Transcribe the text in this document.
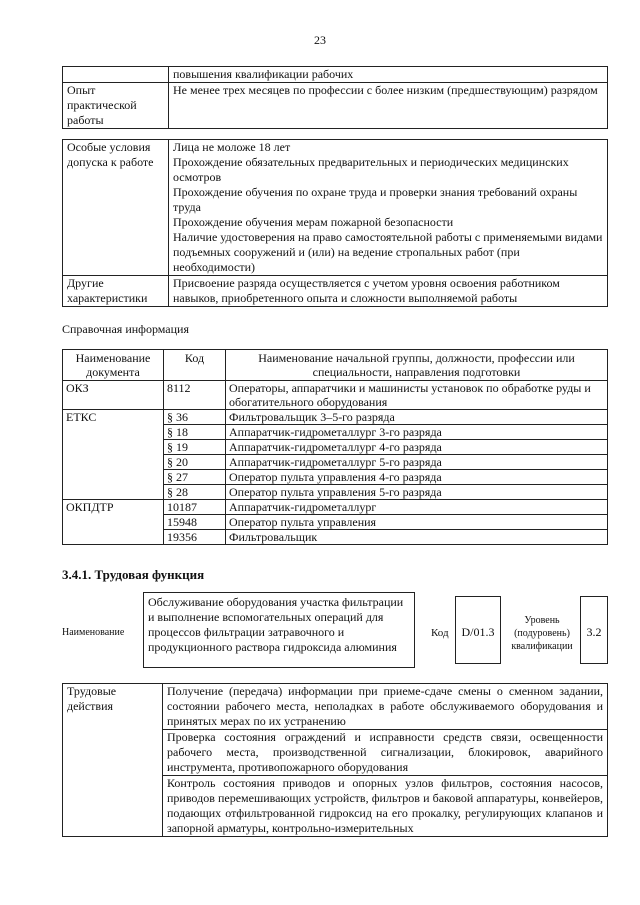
23
	повышения квалификации рабочих
Опыт практической работы	Не менее трех месяцев по профессии с более низким (предшествующим) разрядом
Особые условия допуска к работе	Лица не моложе 18 лет
Прохождение обязательных предварительных и периодических медицинских осмотров
Прохождение обучения по охране труда и проверки знания требований охраны труда
Прохождение обучения мерам пожарной безопасности
Наличие удостоверения на право самостоятельной работы с применяемыми видами подъемных сооружений и (или) на ведение стропальных работ (при необходимости)

Другие характеристики	Присвоение разряда осуществляется с учетом уровня освоения работником навыков, приобретенного опыта и сложности выполняемой работы
Справочная информация
Наименование документа	Код	Наименование начальной группы, должности, профессии или специальности, направления подготовки
ОКЗ	8112	Операторы, аппаратчики и машинисты установок по обработке руды и обогатительного оборудования
ЕТКС	§ 36	Фильтровальщик 3–5-го разряда
	§ 18	Аппаратчик-гидрометаллург 3-го разряда
	§ 19	Аппаратчик-гидрометаллург 4-го разряда
	§ 20	Аппаратчик-гидрометаллург 5-го разряда
	§ 27	Оператор пульта управления 4-го разряда
	§ 28	Оператор пульта управления 5-го разряда
ОКПДТР	10187	Аппаратчик-гидрометаллург
	15948	Оператор пульта управления
	19356	Фильтровальщик
3.4.1. Трудовая функция
Наименование
Обслуживание оборудования участка фильтрации и выполнение вспомогательных операций для процессов фильтрации затравочного и продукционного раствора гидроксида алюминия
Код	D/01.3
Уровень (подуровень) квалификации
3.2
Трудовые действия	Получение (передача) информации при приеме-сдаче смены о сменном задании, состоянии рабочего места, неполадках в работе обслуживаемого оборудования и принятых мерах по их устранению
Проверка состояния ограждений и исправности средств связи, освещенности рабочего места, производственной сигнализации, блокировок, аварийного инструмента, противопожарного оборудования
Контроль состояния приводов и опорных узлов фильтров, состояния насосов, приводов перемешивающих устройств, фильтров и баковой аппаратуры, конвейеров, подающих отфильтрованной гидроксид на его прокалку, регулирующих клапанов и запорной арматуры, контрольно-измерительных
